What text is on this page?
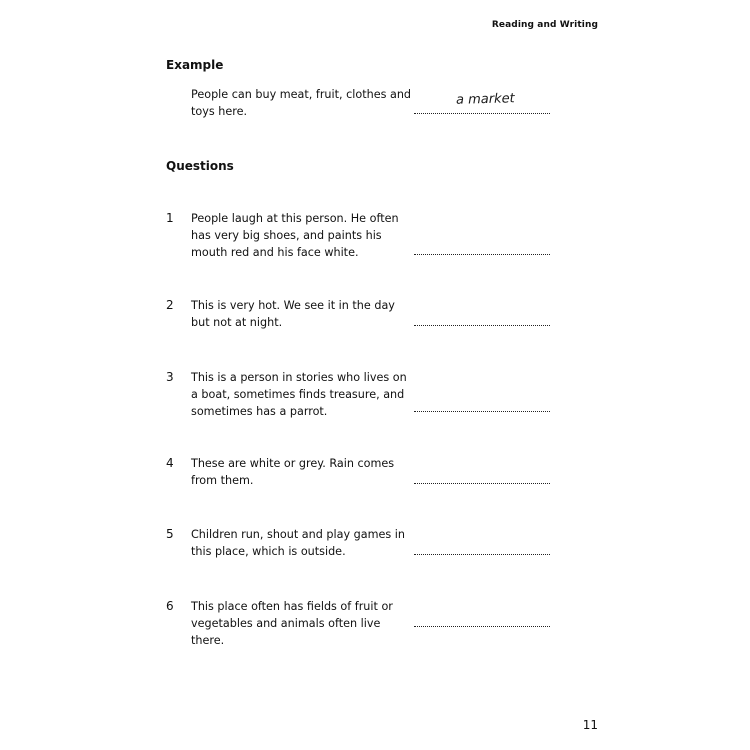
Reading and Writing
Example
People can buy meat, fruit, clothes and toys here.
a market
Questions
1 People laugh at this person. He often has very big shoes, and paints his mouth red and his face white.
2 This is very hot. We see it in the day but not at night.
3 This is a person in stories who lives on a boat, sometimes finds treasure, and sometimes has a parrot.
4 These are white or grey. Rain comes from them.
5 Children run, shout and play games in this place, which is outside.
6 This place often has fields of fruit or vegetables and animals often live there.
11
